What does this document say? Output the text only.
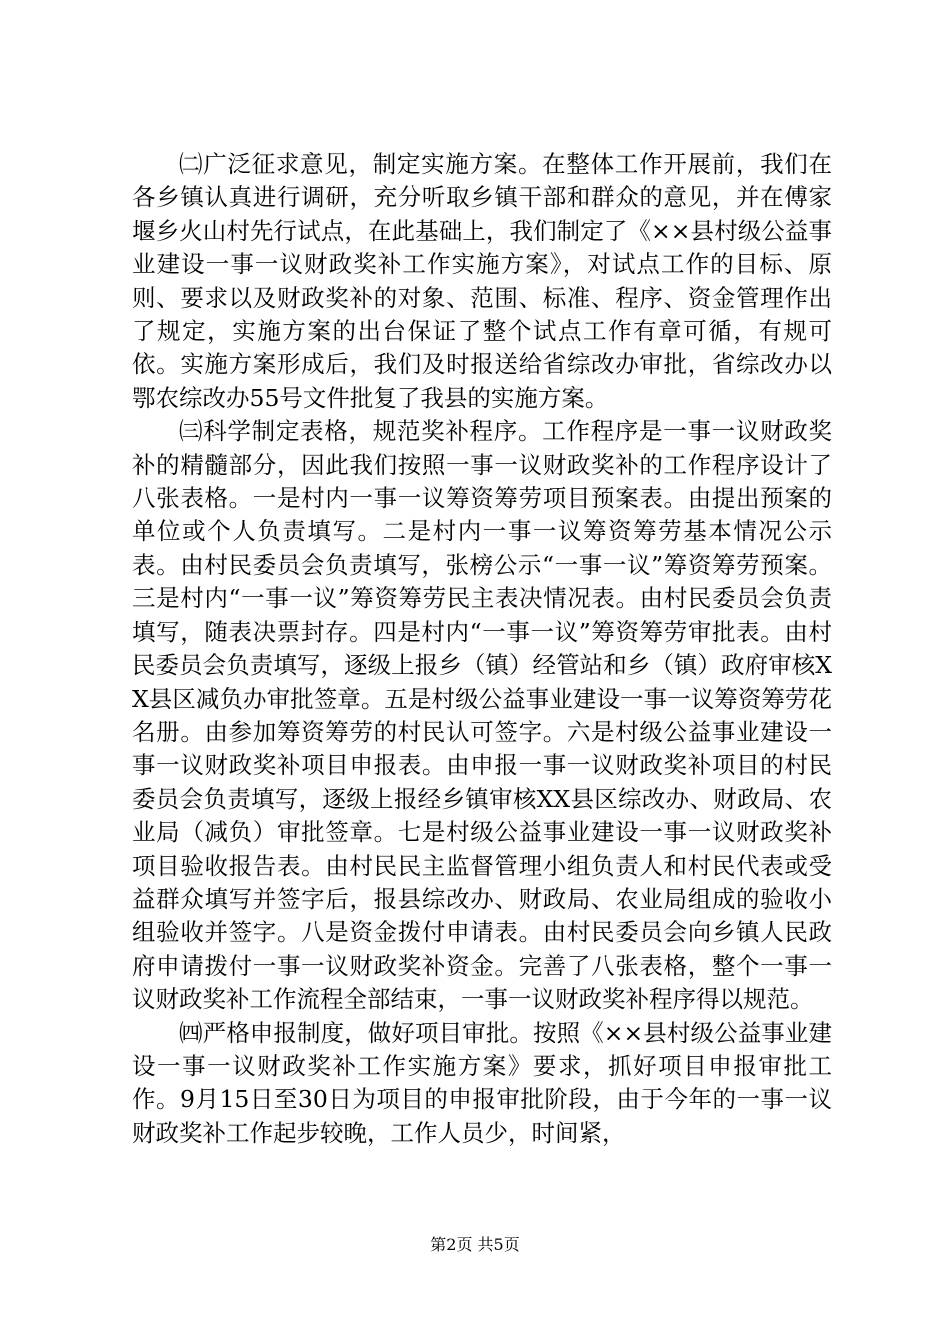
㈡广泛征求意见，制定实施方案。在整体工作开展前，我们在各乡镇认真进行调研，充分听取乡镇干部和群众的意见，并在傅家堰乡火山村先行试点，在此基础上，我们制定了《××县村级公益事业建设一事一议财政奖补工作实施方案》，对试点工作的目标、原则、要求以及财政奖补的对象、范围、标准、程序、资金管理作出了规定，实施方案的出台保证了整个试点工作有章可循，有规可依。实施方案形成后，我们及时报送给省综改办审批，省综改办以鄂农综改办55号文件批复了我县的实施方案。

㈢科学制定表格，规范奖补程序。工作程序是一事一议财政奖补的精髓部分，因此我们按照一事一议财政奖补的工作程序设计了八张表格。一是村内一事一议筹资筹劳项目预案表。由提出预案的单位或个人负责填写。二是村内一事一议筹资筹劳基本情况公示表。由村民委员会负责填写，张榜公示“一事一议”筹资筹劳预案。三是村内“一事一议”筹资筹劳民主表决情况表。由村民委员会负责填写，随表决票封存。四是村内“一事一议”筹资筹劳审批表。由村民委员会负责填写，逐级上报乡（镇）经管站和乡（镇）政府审核XX县区减负办审批签章。五是村级公益事业建设一事一议筹资筹劳花名册。由参加筹资筹劳的村民认可签字。六是村级公益事业建设一事一议财政奖补项目申报表。由申报一事一议财政奖补项目的村民委员会负责填写，逐级上报经乡镇审核XX县区综改办、财政局、农业局（减负）审批签章。七是村级公益事业建设一事一议财政奖补项目验收报告表。由村民民主监督管理小组负责人和村民代表或受益群众填写并签字后，报县综改办、财政局、农业局组成的验收小组验收并签字。八是资金拨付申请表。由村民委员会向乡镇人民政府申请拨付一事一议财政奖补资金。完善了八张表格，整个一事一议财政奖补工作流程全部结束，一事一议财政奖补程序得以规范。

㈣严格申报制度，做好项目审批。按照《××县村级公益事业建设一事一议财政奖补工作实施方案》要求，抓好项目申报审批工作。9月15日至30日为项目的申报审批阶段，由于今年的一事一议财政奖补工作起步较晚，工作人员少，时间紧，

第2页 共5页
